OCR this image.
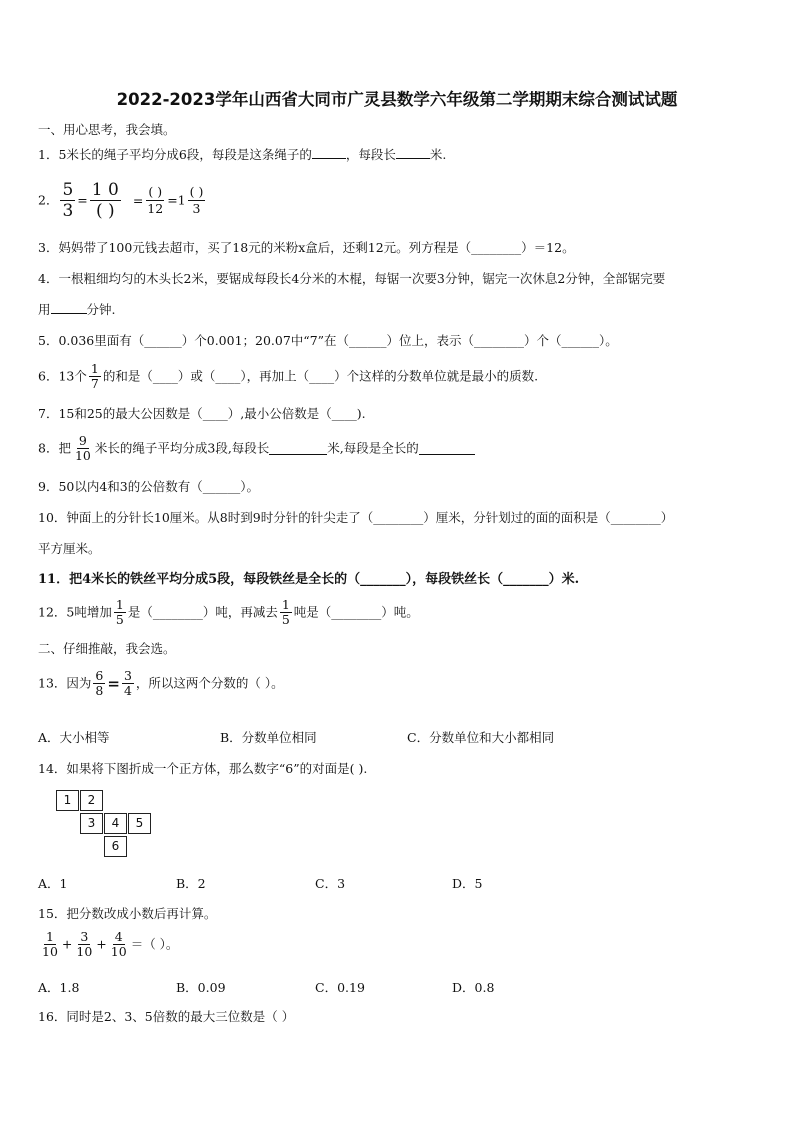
2022-2023学年山西省大同市广灵县数学六年级第二学期期末综合测试试题
一、用心思考，我会填。
1．5米长的绳子平均分成6段，每段是这条绳子的	，每段长	米.
2． $\frac{5}{3} = \frac{1 0}{( )} = \frac{( )}{12} =1 \frac{( )}{3}$
3．妈妈带了100元钱去超市，买了18元的米粉x盒后，还剩12元。列方程是（________）＝12。
4．一根粗细均匀的木头长2米，要锯成每段长4分米的木棍，每锯一次要3分钟，锯完一次休息2分钟，全部锯完要
用	分钟.
5．0.036里面有（______）个0.001；20.07中“7”在（______）位上，表示（________）个（______）。
6．13个 $\frac{1}{7}$ 的和是（____）或（____），再加上（____）个这样的分数单位就是最小的质数.
7．15和25的最大公因数是（____）,最小公倍数是（____).
8．把 $\frac{9}{10}$ 米长的绳子平均分成3段,每段长	米,每段是全长的
9．50以内4和3的公倍数有（______）。
10．钟面上的分针长10厘米。从8时到9时分针的针尖走了（________）厘米，分针划过的面的面积是（________）
平方厘米。
11．把4米长的铁丝平均分成5段，每段铁丝是全长的（_______），每段铁丝长（_______）米.
12．5吨增加 $\frac{1}{5}$ 是（________）吨，再减去 $\frac{1}{5}$ 吨是（________）吨。
二、仔细推敲，我会选。
13．因为 $\frac{6}{8} = \frac{3}{4}$ ，所以这两个分数的（ ）。
A．大小相等	B．分数单位相同	C．分数单位和大小都相同
14．如果将下图折成一个正方体，那么数字“6”的对面是( ).
1	2
3	4	5
6
A．1	B．2	C．3	D．5
15．把分数改成小数后再计算。
$\frac{1}{10} + \frac{3}{10} + \frac{4}{10}$ ＝（ ）。
A．1.8	B．0.09	C．0.19	D．0.8
16．同时是2、3、5倍数的最大三位数是（ ）
